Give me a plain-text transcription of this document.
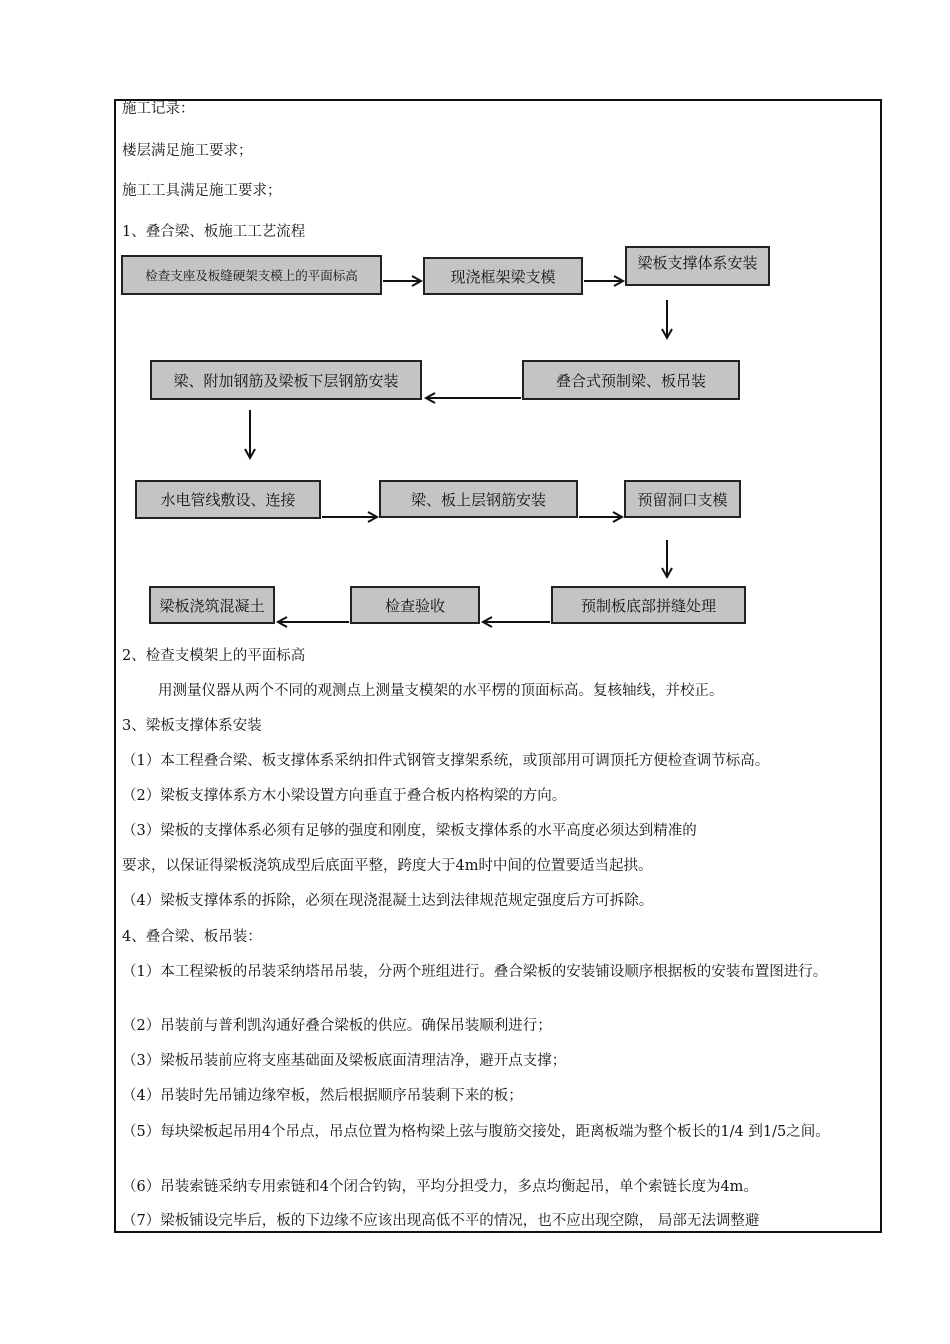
施工记录：
楼层满足施工要求；
施工工具满足施工要求；
1、叠合梁、板施工工艺流程
检查支座及板缝硬架支模上的平面标高	现浇框架梁支模
梁板支撑体系安装
梁、附加钢筋及梁板下层钢筋安装	叠合式预制梁、板吊装
水电管线敷设、连接	梁、板上层钢筋安装	预留洞口支模
梁板浇筑混凝土	检查验收	预制板底部拼缝处理
2、检查支模架上的平面标高
用测量仪器从两个不同的观测点上测量支模架的水平楞的顶面标高。复核轴线，并校正。
3、梁板支撑体系安装
（1）本工程叠合梁、板支撑体系采纳扣件式钢管支撑架系统，或顶部用可调顶托方便检查调节标高。
（2）梁板支撑体系方木小梁设置方向垂直于叠合板内格构梁的方向。
（3）梁板的支撑体系必须有足够的强度和刚度，梁板支撑体系的水平高度必须达到精准的
要求，以保证得梁板浇筑成型后底面平整，跨度大于4m时中间的位置要适当起拱。
（4）梁板支撑体系的拆除，必须在现浇混凝土达到法律规范规定强度后方可拆除。
4、叠合梁、板吊装：
（1）本工程梁板的吊装采纳塔吊吊装，分两个班组进行。叠合梁板的安装铺设顺序根据板的安装布置图进行。
（2）吊装前与普利凯沟通好叠合梁板的供应。确保吊装顺利进行；
（3）梁板吊装前应将支座基础面及梁板底面清理洁净，避开点支撑；
（4）吊装时先吊铺边缘窄板，然后根据顺序吊装剩下来的板；
（5）每块梁板起吊用4个吊点，吊点位置为格构梁上弦与腹筋交接处，距离板端为整个板长的1/4 到1/5之间。
（6）吊装索链采纳专用索链和4个闭合钓钩，平均分担受力，多点均衡起吊，单个索链长度为4m。
（7）梁板铺设完毕后，板的下边缘不应该出现高低不平的情况，也不应出现空隙， 局部无法调整避
